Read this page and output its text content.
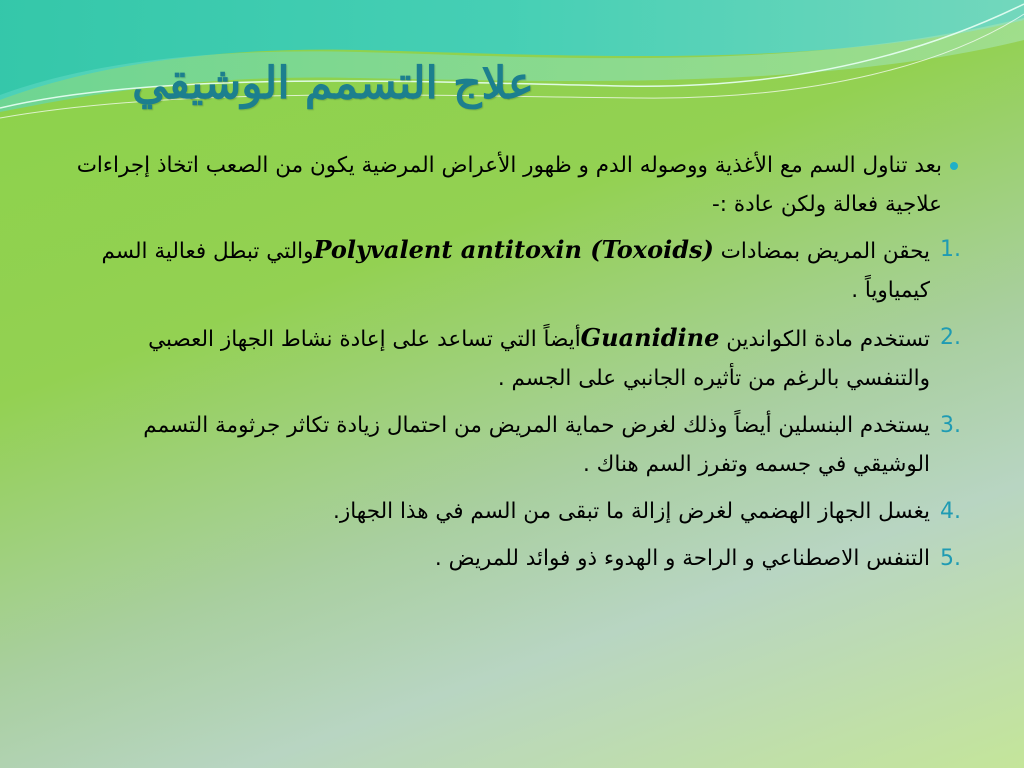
علاج التسمم الوشيقي

بعد تناول السم مع الأغذية ووصوله الدم و ظهور الأعراض المرضية يكون من الصعب اتخاذ إجراءات علاجية فعالة ولكن عادة :-

1.
يحقن المريض بمضادات Polyvalent antitoxin (Toxoids)والتي تبطل فعالية السم كيمياوياً .

2.
تستخدم مادة الكواندين Guanidineأيضاً التي تساعد على إعادة نشاط الجهاز العصبي والتنفسي بالرغم من تأثيره الجانبي على الجسم .

3.
يستخدم البنسلين أيضاً وذلك لغرض حماية المريض من احتمال زيادة تكاثر جرثومة التسمم الوشيقي في جسمه وتفرز السم هناك .

4.
يغسل الجهاز الهضمي لغرض إزالة ما تبقى من السم في هذا الجهاز.

5.
التنفس الاصطناعي و الراحة و الهدوء ذو فوائد للمريض .
